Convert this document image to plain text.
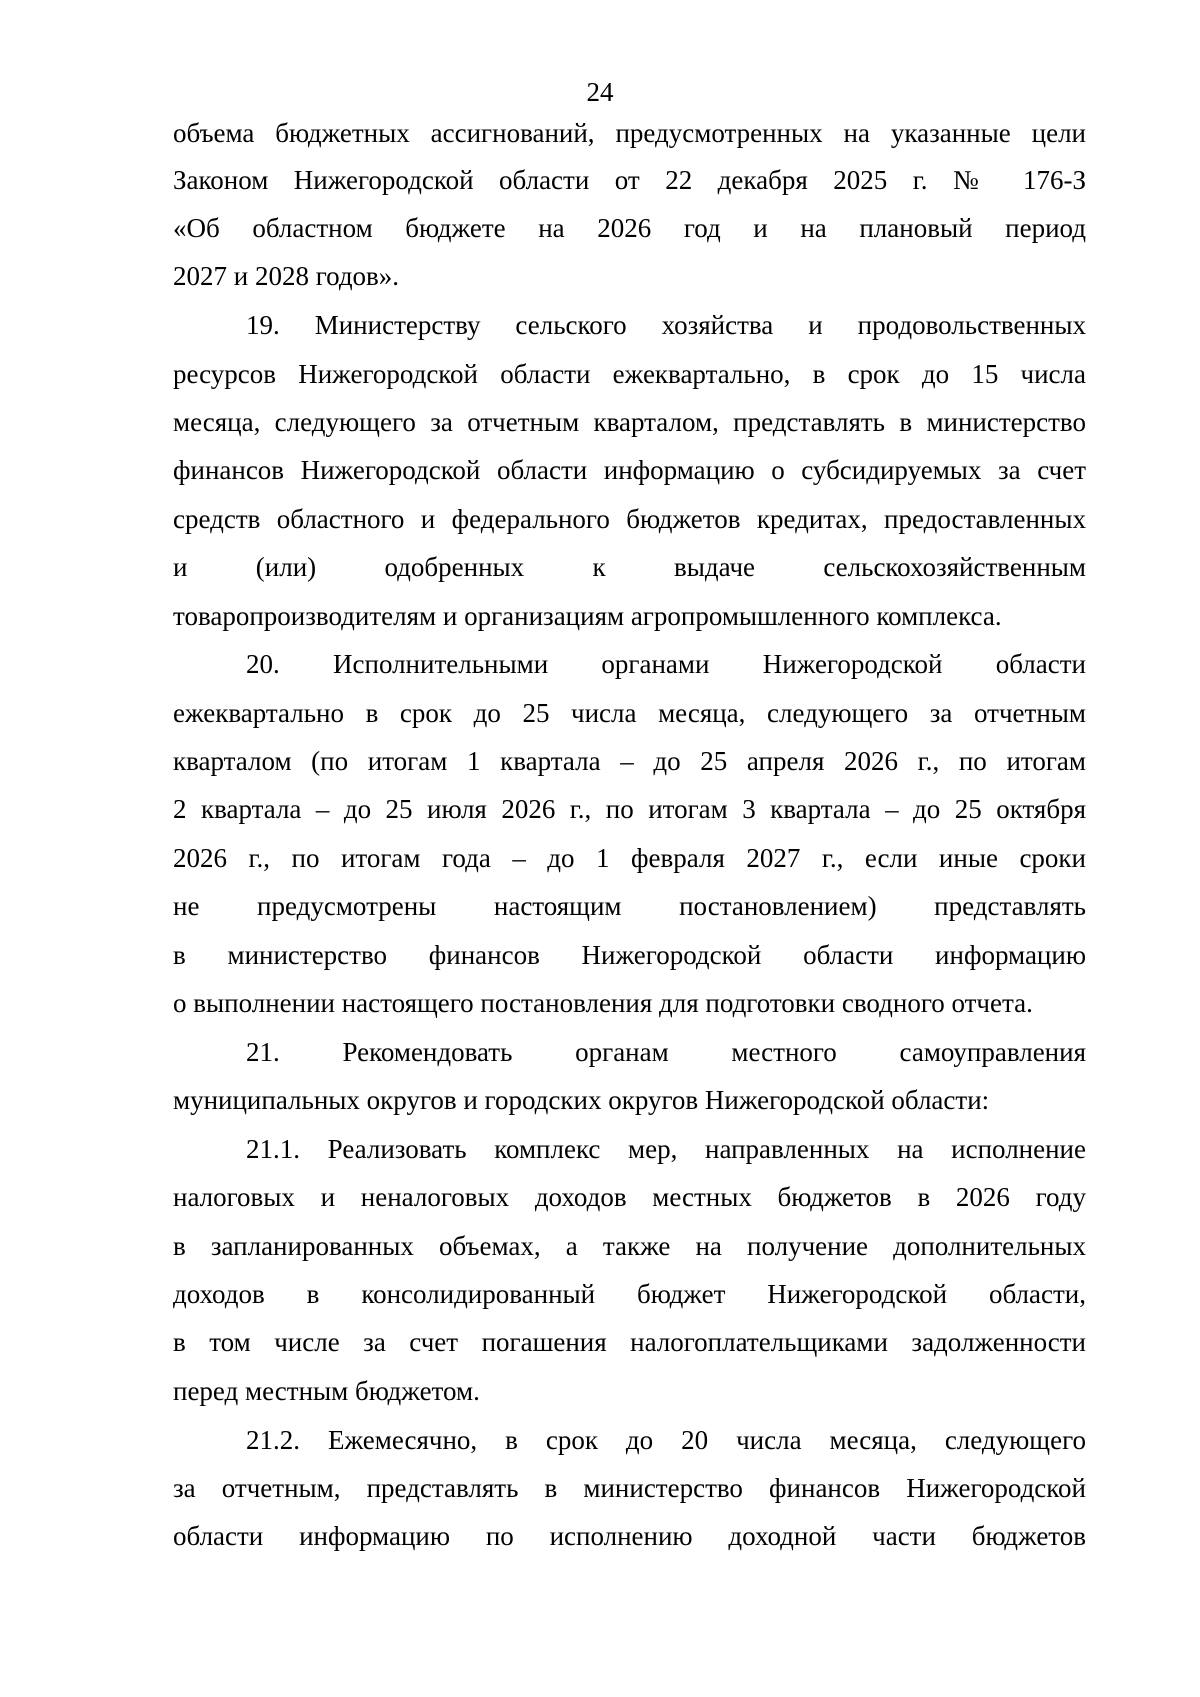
24
объема бюджетных ассигнований, предусмотренных на указанные цели
Законом Нижегородской области от 22 декабря 2025 г. № 176-З
«Об областном бюджете на 2026 год и на плановый период
2027 и 2028 годов».
19. Министерству сельского хозяйства и продовольственных
ресурсов Нижегородской области ежеквартально, в срок до 15 числа
месяца, следующего за отчетным кварталом, представлять в министерство
финансов Нижегородской области информацию о субсидируемых за счет
средств областного и федерального бюджетов кредитах, предоставленных
и (или) одобренных к выдаче сельскохозяйственным
товаропроизводителям и организациям агропромышленного комплекса.
20. Исполнительными органами Нижегородской области
ежеквартально в срок до 25 числа месяца, следующего за отчетным
кварталом (по итогам 1 квартала – до 25 апреля 2026 г., по итогам
2 квартала – до 25 июля 2026 г., по итогам 3 квартала – до 25 октября
2026 г., по итогам года – до 1 февраля 2027 г., если иные сроки
не предусмотрены настоящим постановлением) представлять
в министерство финансов Нижегородской области информацию
о выполнении настоящего постановления для подготовки сводного отчета.
21. Рекомендовать органам местного самоуправления
муниципальных округов и городских округов Нижегородской области:
21.1. Реализовать комплекс мер, направленных на исполнение
налоговых и неналоговых доходов местных бюджетов в 2026 году
в запланированных объемах, а также на получение дополнительных
доходов в консолидированный бюджет Нижегородской области,
в том числе за счет погашения налогоплательщиками задолженности
перед местным бюджетом.
21.2. Ежемесячно, в срок до 20 числа месяца, следующего
за отчетным, представлять в министерство финансов Нижегородской
области информацию по исполнению доходной части бюджетов
